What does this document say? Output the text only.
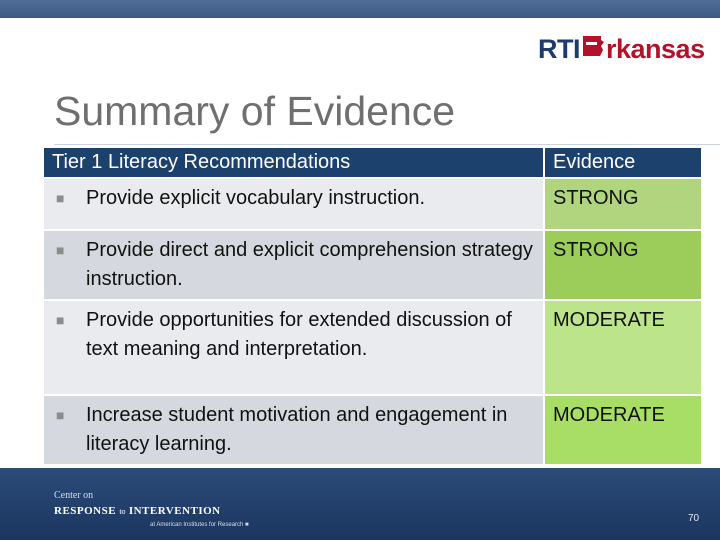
RTI rkansas
Summary of Evidence
Tier 1 Literacy Recommendations	Evidence

■ Provide explicit vocabulary instruction.	STRONG

■ Provide direct and explicit comprehension strategy instruction.	STRONG

■ Provide opportunities for extended discussion of text meaning and interpretation.	MODERATE

■ Increase student motivation and engagement in literacy learning.	MODERATE
Center on
RESPONSE to INTERVENTION
at American Institutes for Research ■
70
